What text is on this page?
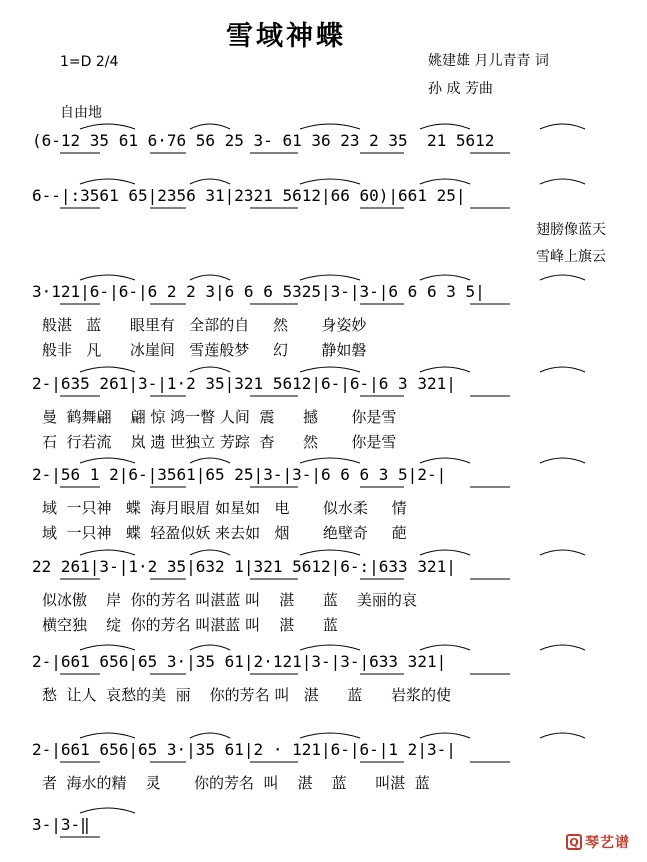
雪域神蝶
1=D 2/4	姚建雄 月儿青青 词
孙 成 芳曲
自由地
翅膀像蓝天
雪峰上旗云
(6-12 35 61 6·76 56 25 3- 61 36 23 2 35  21 5612
6--|:3561 65|2356 31|2321 5612|66 60)|661 25|
3·121|6-|6-|6 2 2 3|6 6 6 5325|3-|3-|6 6 6 3 5|
般湛   蓝      眼里有   全部的自     然       身姿妙
般非   凡      冰崖间   雪莲般梦     幻       静如磐
2-|635 261|3-|1·2 35|321 5612|6-|6-|6 3 321|
曼  鹤舞翩    翩 惊 鸿一瞥 人间  震      撼       你是雪
石  行若流    岚 遗 世独立 芳踪  杳      然       你是雪
2-|56 1 2|6-|3561|65 25|3-|3-|6 6 6 3 5|2-|
域  一只神   蝶  海月眼眉 如星如   电       似水柔     情
域  一只神   蝶  轻盈似妖 来去如   烟       绝壁奇     葩
22 261|3-|1·2 35|632 1|321 5612|6-:|633 321|
似冰傲    岸  你的芳名 叫湛蓝 叫    湛      蓝    美丽的哀
横空独    绽  你的芳名 叫湛蓝 叫    湛      蓝
2-|661 656|65 3·|35 61|2·121|3-|3-|633 321|
愁  让人  哀愁的美  丽    你的芳名 叫   湛      蓝      岩浆的使
2-|661 656|65 3·|35 61|2 · 121|6-|6-|1 2|3-|
者  海水的精    灵       你的芳名  叫    湛    蓝      叫湛  蓝
3-|3-‖
Q 琴艺谱
